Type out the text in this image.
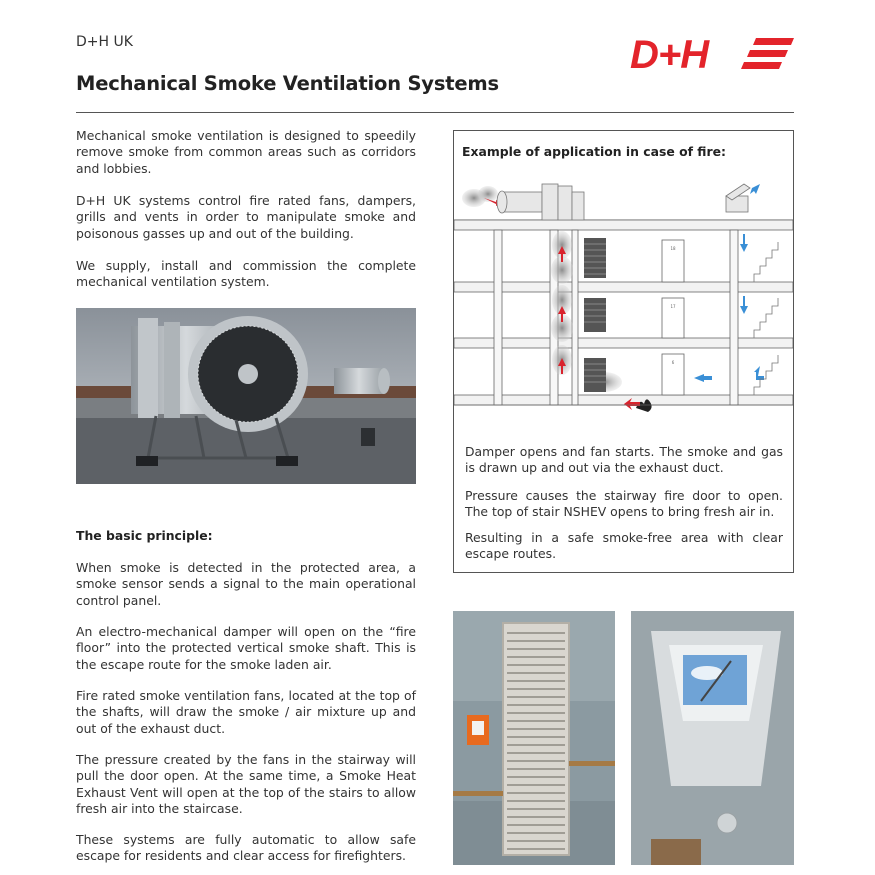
D+H UK	D+H
Mechanical Smoke Ventilation Systems

Mechanical smoke ventilation is designed to speedily remove smoke from common areas such as corridors and lobbies.

D+H UK systems control fire rated fans, dampers, grills and vents in order to manipulate smoke and poisonous gasses up and out of the building.

We supply, install and commission the complete mechanical ventilation system.

The basic principle:

When smoke is detected in the protected area, a smoke sensor sends a signal to the main operational control panel.

An electro-mechanical damper will open on the “fire floor” into the protected vertical smoke shaft. This is the escape route for the smoke laden air.

Fire rated smoke ventilation fans, located at the top of the shafts, will draw the smoke / air mixture up and out of the exhaust duct.

The pressure created by the fans in the stairway will pull the door open. At the same time, a Smoke Heat Exhaust Vent will open at the top of the stairs to allow fresh air into the staircase.

These systems are fully automatic to allow safe escape for residents and clear access for firefighters.

Example of application in case of fire:
18
17
6

Damper opens and fan starts. The smoke and gas is drawn up and out via the exhaust duct.

Pressure causes the stairway fire door to open. The top of stair NSHEV opens to bring fresh air in.

Resulting in a safe smoke-free area with clear escape routes.
